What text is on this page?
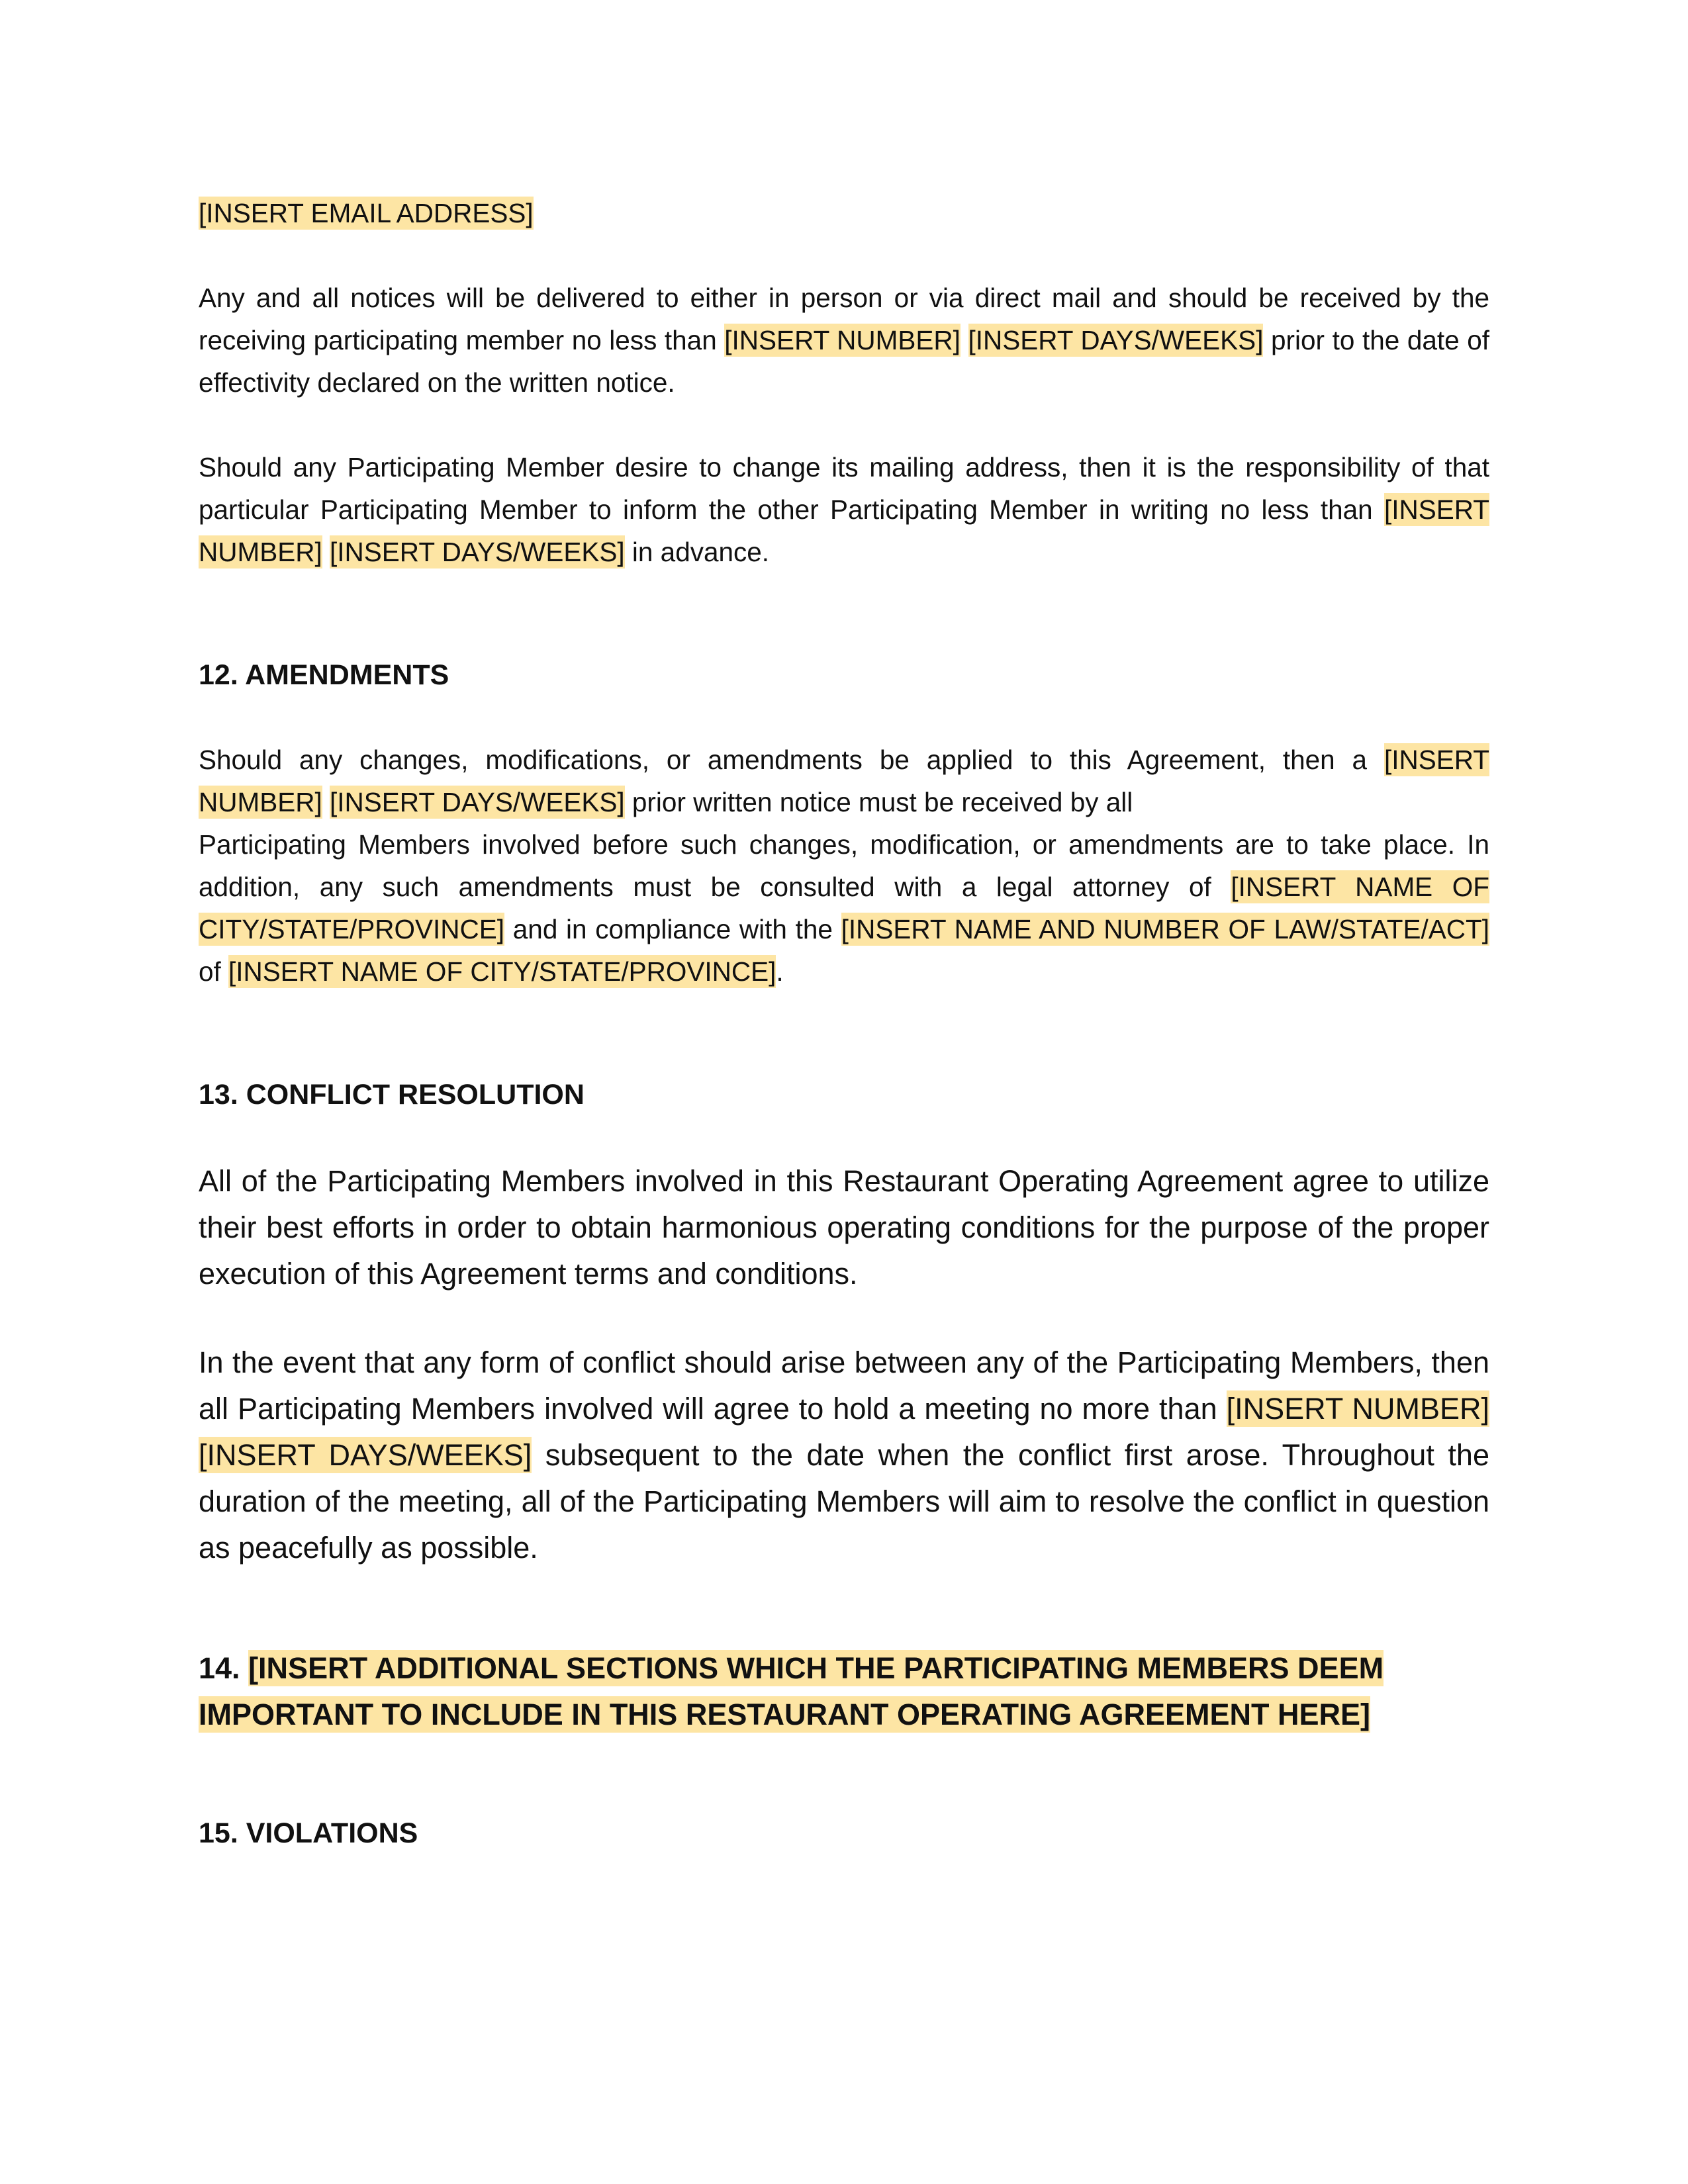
[INSERT EMAIL ADDRESS]

Any and all notices will be delivered to either in person or via direct mail and should be received by the receiving participating member no less than [INSERT NUMBER] [INSERT DAYS/WEEKS] prior to the date of effectivity declared on the written notice.

Should any Participating Member desire to change its mailing address, then it is the responsibility of that particular Participating Member to inform the other Participating Member in writing no less than [INSERT NUMBER] [INSERT DAYS/WEEKS] in advance.

12. AMENDMENTS

Should any changes, modifications, or amendments be applied to this Agreement, then a [INSERT NUMBER] [INSERT DAYS/WEEKS] prior written notice must be received by all

Participating Members involved before such changes, modification, or amendments are to take place. In addition, any such amendments must be consulted with a legal attorney of [INSERT NAME OF CITY/STATE/PROVINCE] and in compliance with the [INSERT NAME AND NUMBER OF LAW/STATE/ACT] of [INSERT NAME OF CITY/STATE/PROVINCE].

13. CONFLICT RESOLUTION

All of the Participating Members involved in this Restaurant Operating Agreement agree to utilize their best efforts in order to obtain harmonious operating conditions for the purpose of the proper execution of this Agreement terms and conditions.

In the event that any form of conflict should arise between any of the Participating Members, then all Participating Members involved will agree to hold a meeting no more than [INSERT NUMBER] [INSERT DAYS/WEEKS] subsequent to the date when the conflict first arose. Throughout the duration of the meeting, all of the Participating Members will aim to resolve the conflict in question as peacefully as possible.

14. [INSERT ADDITIONAL SECTIONS WHICH THE PARTICIPATING MEMBERS DEEM IMPORTANT TO INCLUDE IN THIS RESTAURANT OPERATING AGREEMENT HERE]
15. VIOLATIONS
